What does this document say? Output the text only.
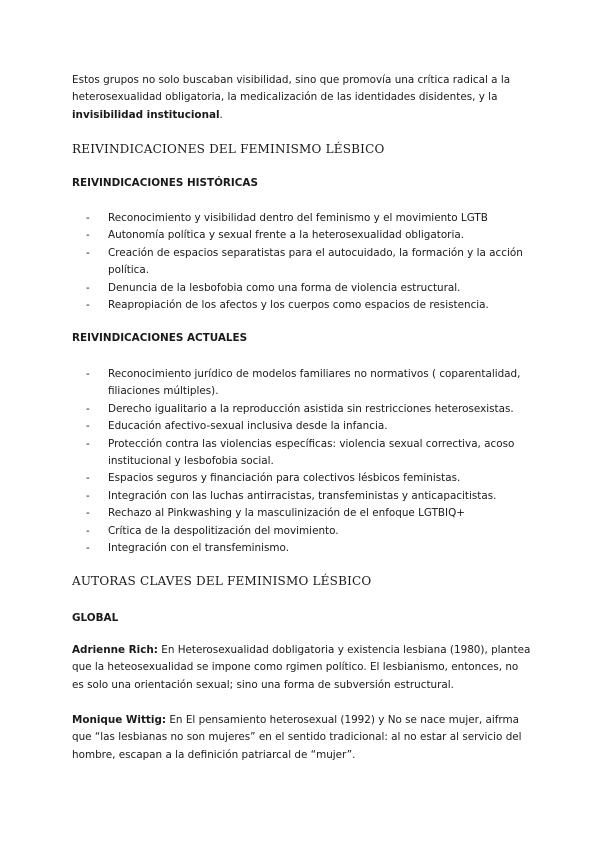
Estos grupos no solo buscaban visibilidad, sino que promovía una crítica radical a la heterosexualidad obligatoria, la medicalización de las identidades disidentes, y la invisibilidad institucional.

REIVINDICACIONES DEL FEMINISMO LÉSBICO
REIVINDICACIONES HISTÓRICAS
- Reconocimiento y visibilidad dentro del feminismo y el movimiento LGTB
- Autonomía política y sexual frente a la heterosexualidad obligatoria.
- Creación de espacios separatistas para el autocuidado, la formación y la acción política.
- Denuncia de la lesbofobia como una forma de violencia estructural.
- Reapropiación de los afectos y los cuerpos como espacios de resistencia.
REIVINDICACIONES ACTUALES
- Reconocimiento jurídico de modelos familiares no normativos ( coparentalidad, filiaciones múltiples).
- Derecho igualitario a la reproducción asistida sin restricciones heterosexistas.
- Educación afectivo-sexual inclusiva desde la infancia.
- Protección contra las violencias específicas: violencia sexual correctiva, acoso institucional y lesbofobia social.
- Espacios seguros y financiación para colectivos lésbicos feministas.
- Integración con las luchas antirracistas, transfeministas y anticapacitistas.
- Rechazo al Pinkwashing y la masculinización de el enfoque LGTBIQ+
- Crítica de la despolitización del movimiento.
- Integración con el transfeminismo.
AUTORAS CLAVES DEL FEMINISMO LÉSBICO
GLOBAL

Adrienne Rich: En Heterosexualidad dobligatoria y existencia lesbiana (1980), plantea que la heteosexualidad se impone como rgimen político. El lesbianismo, entonces, no es solo una orientación sexual; sino una forma de subversión estructural.

Monique Wittig: En El pensamiento heterosexual (1992) y No se nace mujer, aifrma que “las lesbianas no son mujeres” en el sentido tradicional: al no estar al servicio del hombre, escapan a la definición patriarcal de “mujer”.
